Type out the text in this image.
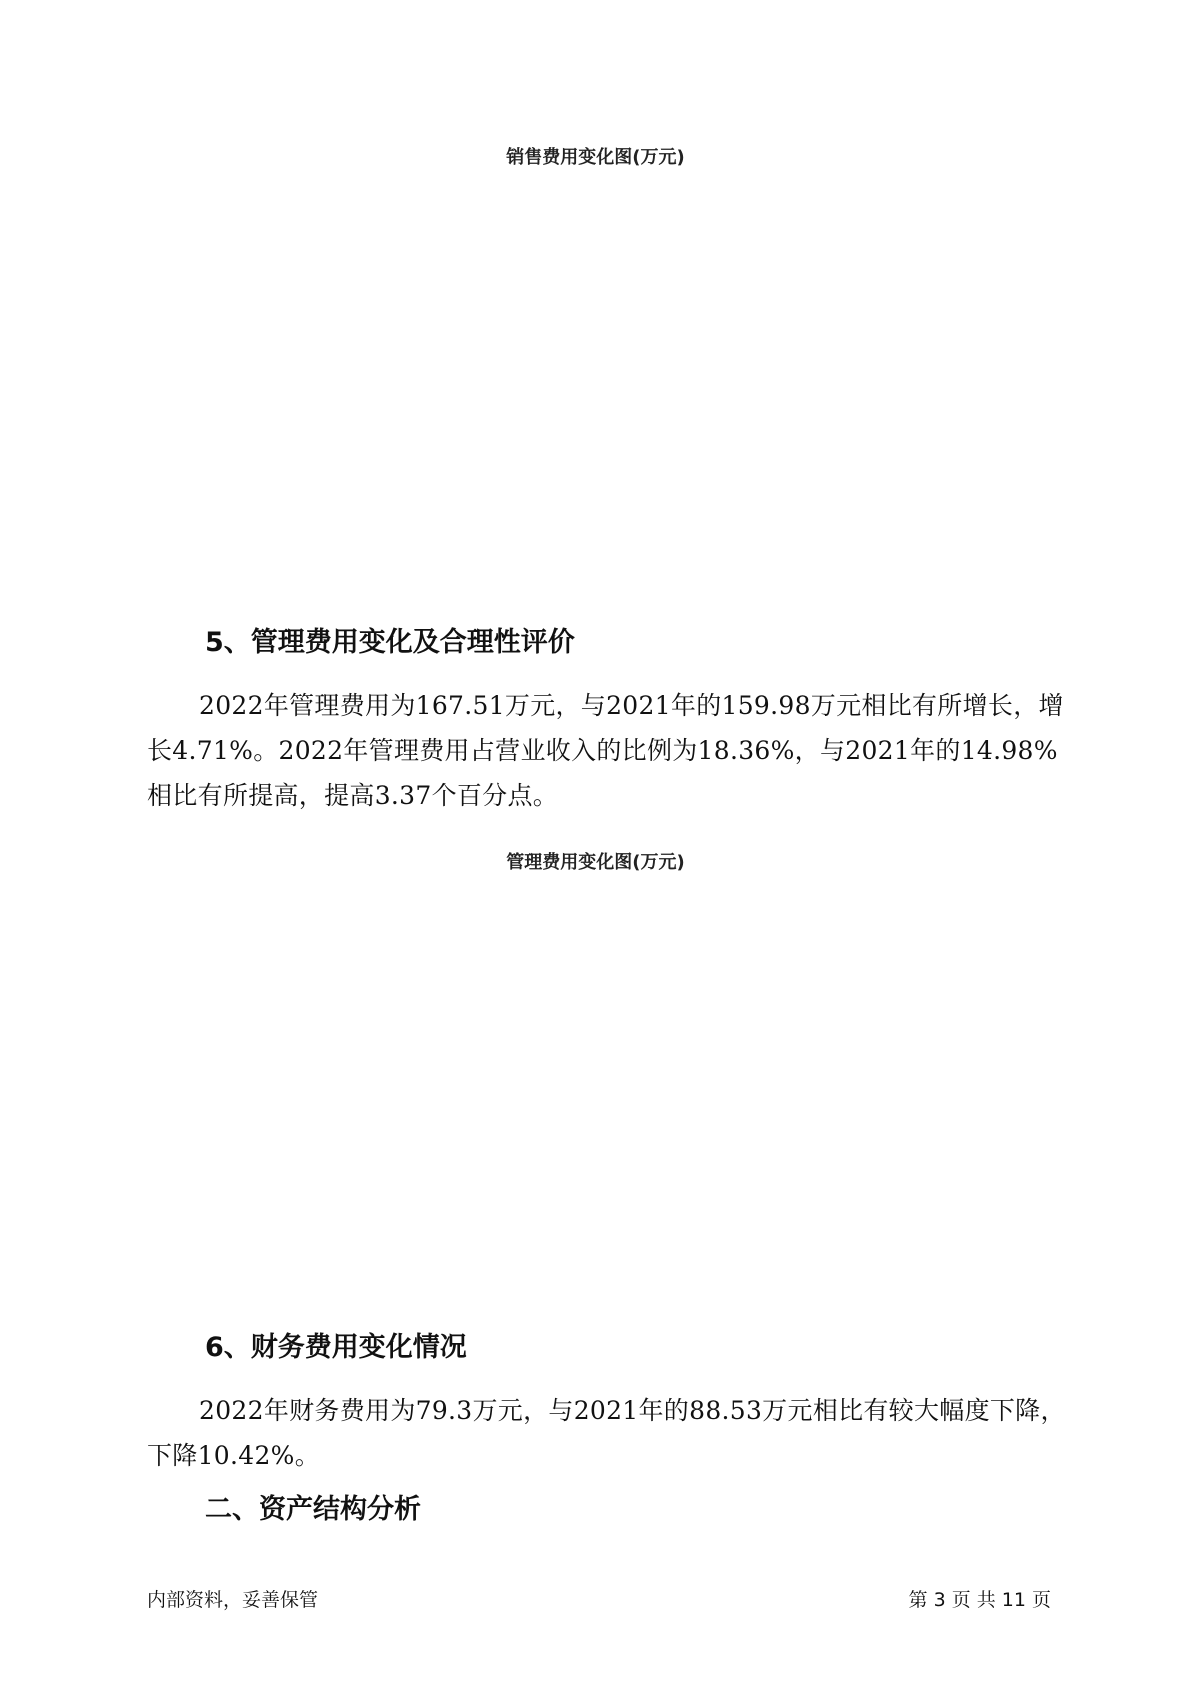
销售费用变化图(万元)
5、管理费用变化及合理性评价

2022年管理费用为167.51万元，与2021年的159.98万元相比有所增长，增长4.71%。2022年管理费用占营业收入的比例为18.36%，与2021年的14.98%相比有所提高，提高3.37个百分点。

管理费用变化图(万元)
6、财务费用变化情况

2022年财务费用为79.3万元，与2021年的88.53万元相比有较大幅度下降，下降10.42%。

二、资产结构分析
内部资料，妥善保管	第 3 页 共 11 页
